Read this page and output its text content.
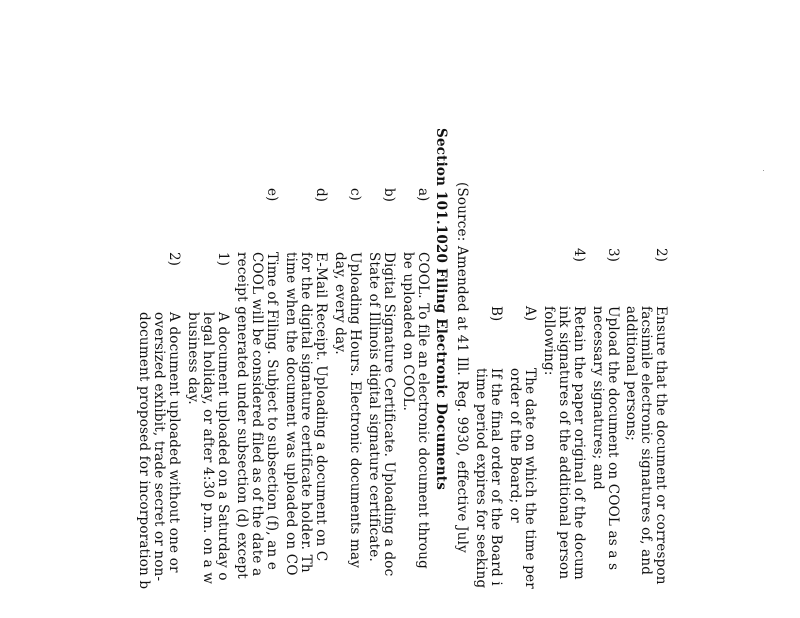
2)
Ensure that the document or correspon
facsimile electronic signatures of, and
additional persons;
3)
Upload the document on COOL as a s
necessary signatures; and
4)
Retain the paper original of the docum
ink signatures of the additional person
following:
A)
The date on which the time per
order of the Board; or
B)
If the final order of the Board i
time period expires for seeking
(Source: Amended at 41 Ill. Reg. 9930, effective July
Section 101.1020 Filing Electronic Documents
a)
COOL. To file an electronic document throug
be uploaded on COOL.
b)
Digital Signature Certificate. Uploading a doc
State of Illinois digital signature certificate.
c)
Uploading Hours. Electronic documents may
day, every day.
d)
E-Mail Receipt. Uploading a document on C
for the digital signature certificate holder. Th
time when the document was uploaded on CO
e)
Time of Filing. Subject to subsection (f), an e
COOL will be considered filed as of the date a
receipt generated under subsection (d) except
1)
A document uploaded on a Saturday o
legal holiday, or after 4:30 p.m. on a w
business day.
2)
A document uploaded without one or
oversized exhibit, trade secret or non-
document proposed for incorporation b
